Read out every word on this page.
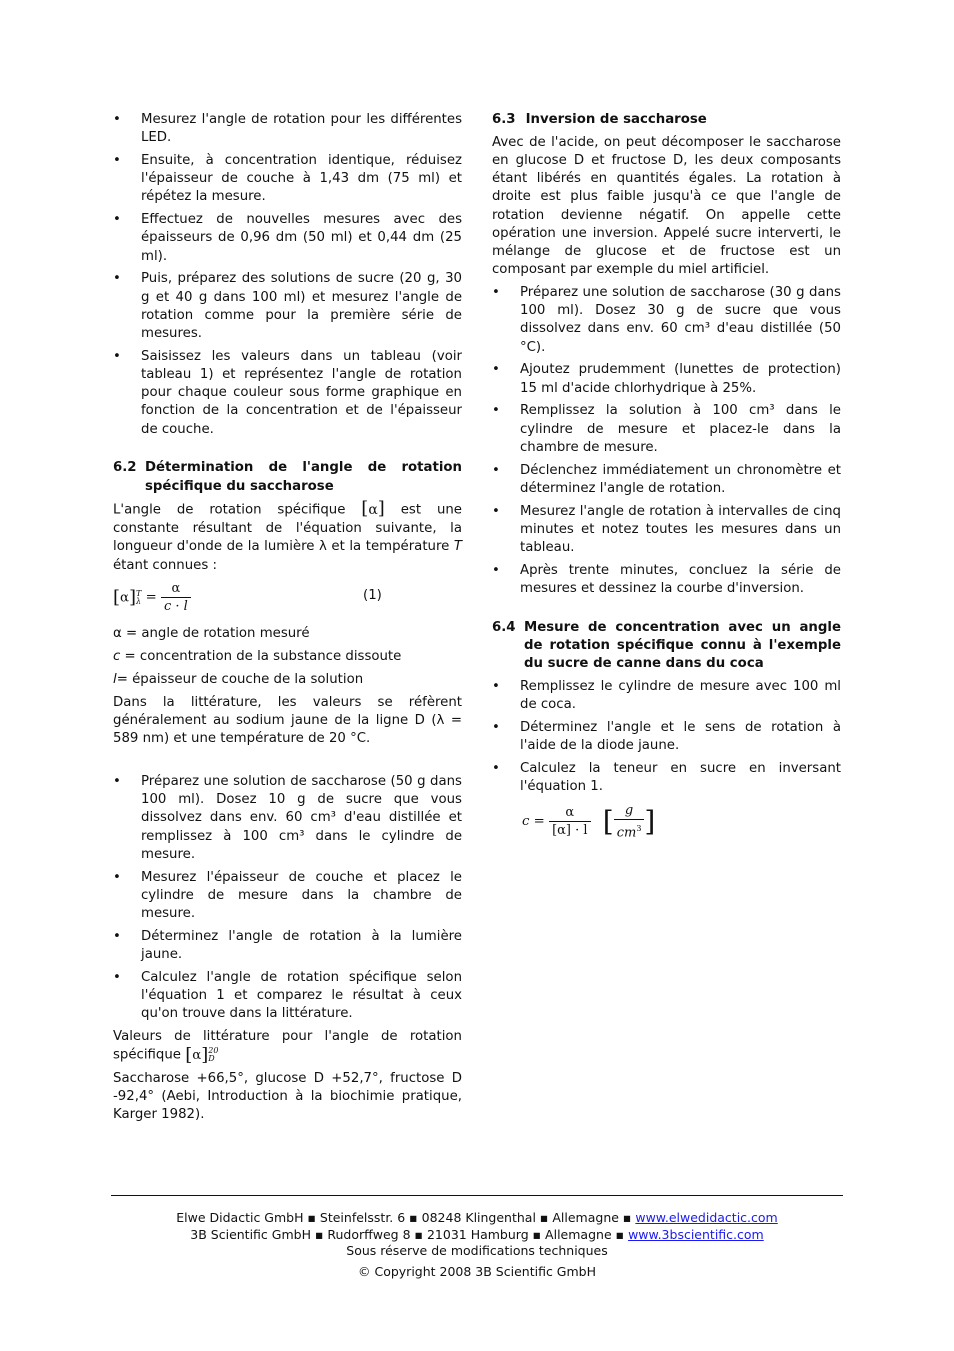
• Mesurez l'angle de rotation pour les différentes LED.
• Ensuite, à concentration identique, réduisez l'épaisseur de couche à 1,43 dm (75 ml) et répétez la mesure.
• Effectuez de nouvelles mesures avec des épaisseurs de 0,96 dm (50 ml) et 0,44 dm (25 ml).
• Puis, préparez des solutions de sucre (20 g, 30 g et 40 g dans 100 ml) et mesurez l'angle de rotation comme pour la première série de mesures.
• Saisissez les valeurs dans un tableau (voir tableau 1) et représentez l'angle de rotation pour chaque couleur sous forme graphique en fonction de la concentration et de l'épaisseur de couche.
6.2 Détermination de l'angle de rotation spécifique du saccharose

L'angle de rotation spécifique [α] est une constante résultant de l'équation suivante, la longueur d'onde de la lumière λ et la température T étant connues :

[α]T
$\lambda = \frac{\alpha}{c \cdot l}$	(1)

α = angle de rotation mesuré

c = concentration de la substance dissoute

l= épaisseur de couche de la solution

Dans la littérature, les valeurs se réfèrent généralement au sodium jaune de la ligne D (λ = 589 nm) et une température de 20 °C.

• Préparez une solution de saccharose (50 g dans 100 ml). Dosez 10 g de sucre que vous dissolvez dans env. 60 cm³ d'eau distillée et remplissez à 100 cm³ dans le cylindre de mesure.
• Mesurez l'épaisseur de couche et placez le cylindre de mesure dans la chambre de mesure.
• Déterminez l'angle de rotation à la lumière jaune.
• Calculez l'angle de rotation spécifique selon l'équation 1 et comparez le résultat à ceux qu'on trouve dans la littérature.

Valeurs de littérature pour l'angle de rotation spécifique [α]20
D

Saccharose +66,5°, glucose D +52,7°, fructose D -92,4° (Aebi, Introduction à la biochimie pratique, Karger 1982).

6.3 Inversion de saccharose

Avec de l'acide, on peut décomposer le saccharose en glucose D et fructose D, les deux composants étant libérés en quantités égales. La rotation à droite est plus faible jusqu'à ce que l'angle de rotation devienne négatif. On appelle cette opération une inversion. Appelé sucre interverti, le mélange de glucose et de fructose est un composant par exemple du miel artificiel.

• Préparez une solution de saccharose (30 g dans 100 ml). Dosez 30 g de sucre que vous dissolvez dans env. 60 cm³ d'eau distillée (50 °C).
• Ajoutez prudemment (lunettes de protection) 15 ml d'acide chlorhydrique à 25%.
• Remplissez la solution à 100 cm³ dans le cylindre de mesure et placez-le dans la chambre de mesure.
• Déclenchez immédiatement un chronomètre et déterminez l'angle de rotation.
• Mesurez l'angle de rotation à intervalles de cinq minutes et notez toutes les mesures dans un tableau.
• Après trente minutes, concluez la série de mesures et dessinez la courbe d'inversion.
6.4 Mesure de concentration avec un angle de rotation spécifique connu à l'exemple du sucre de canne dans du coca
• Remplissez le cylindre de mesure avec 100 ml de coca.
• Déterminez l'angle et le sens de rotation à l'aide de la diode jaune.
• Calculez la teneur en sucre en inversant l'équation 1.
$c = \frac{\alpha}{[\alpha] \cdot l}$ [ $\frac{g}{cm^3}$ ]
Elwe Didactic GmbH ▪ Steinfelsstr. 6 ▪ 08248 Klingenthal ▪ Allemagne ▪ www.elwedidactic.com
3B Scientific GmbH ▪ Rudorffweg 8 ▪ 21031 Hamburg ▪ Allemagne ▪ www.3bscientific.com
Sous réserve de modifications techniques
© Copyright 2008 3B Scientific GmbH
